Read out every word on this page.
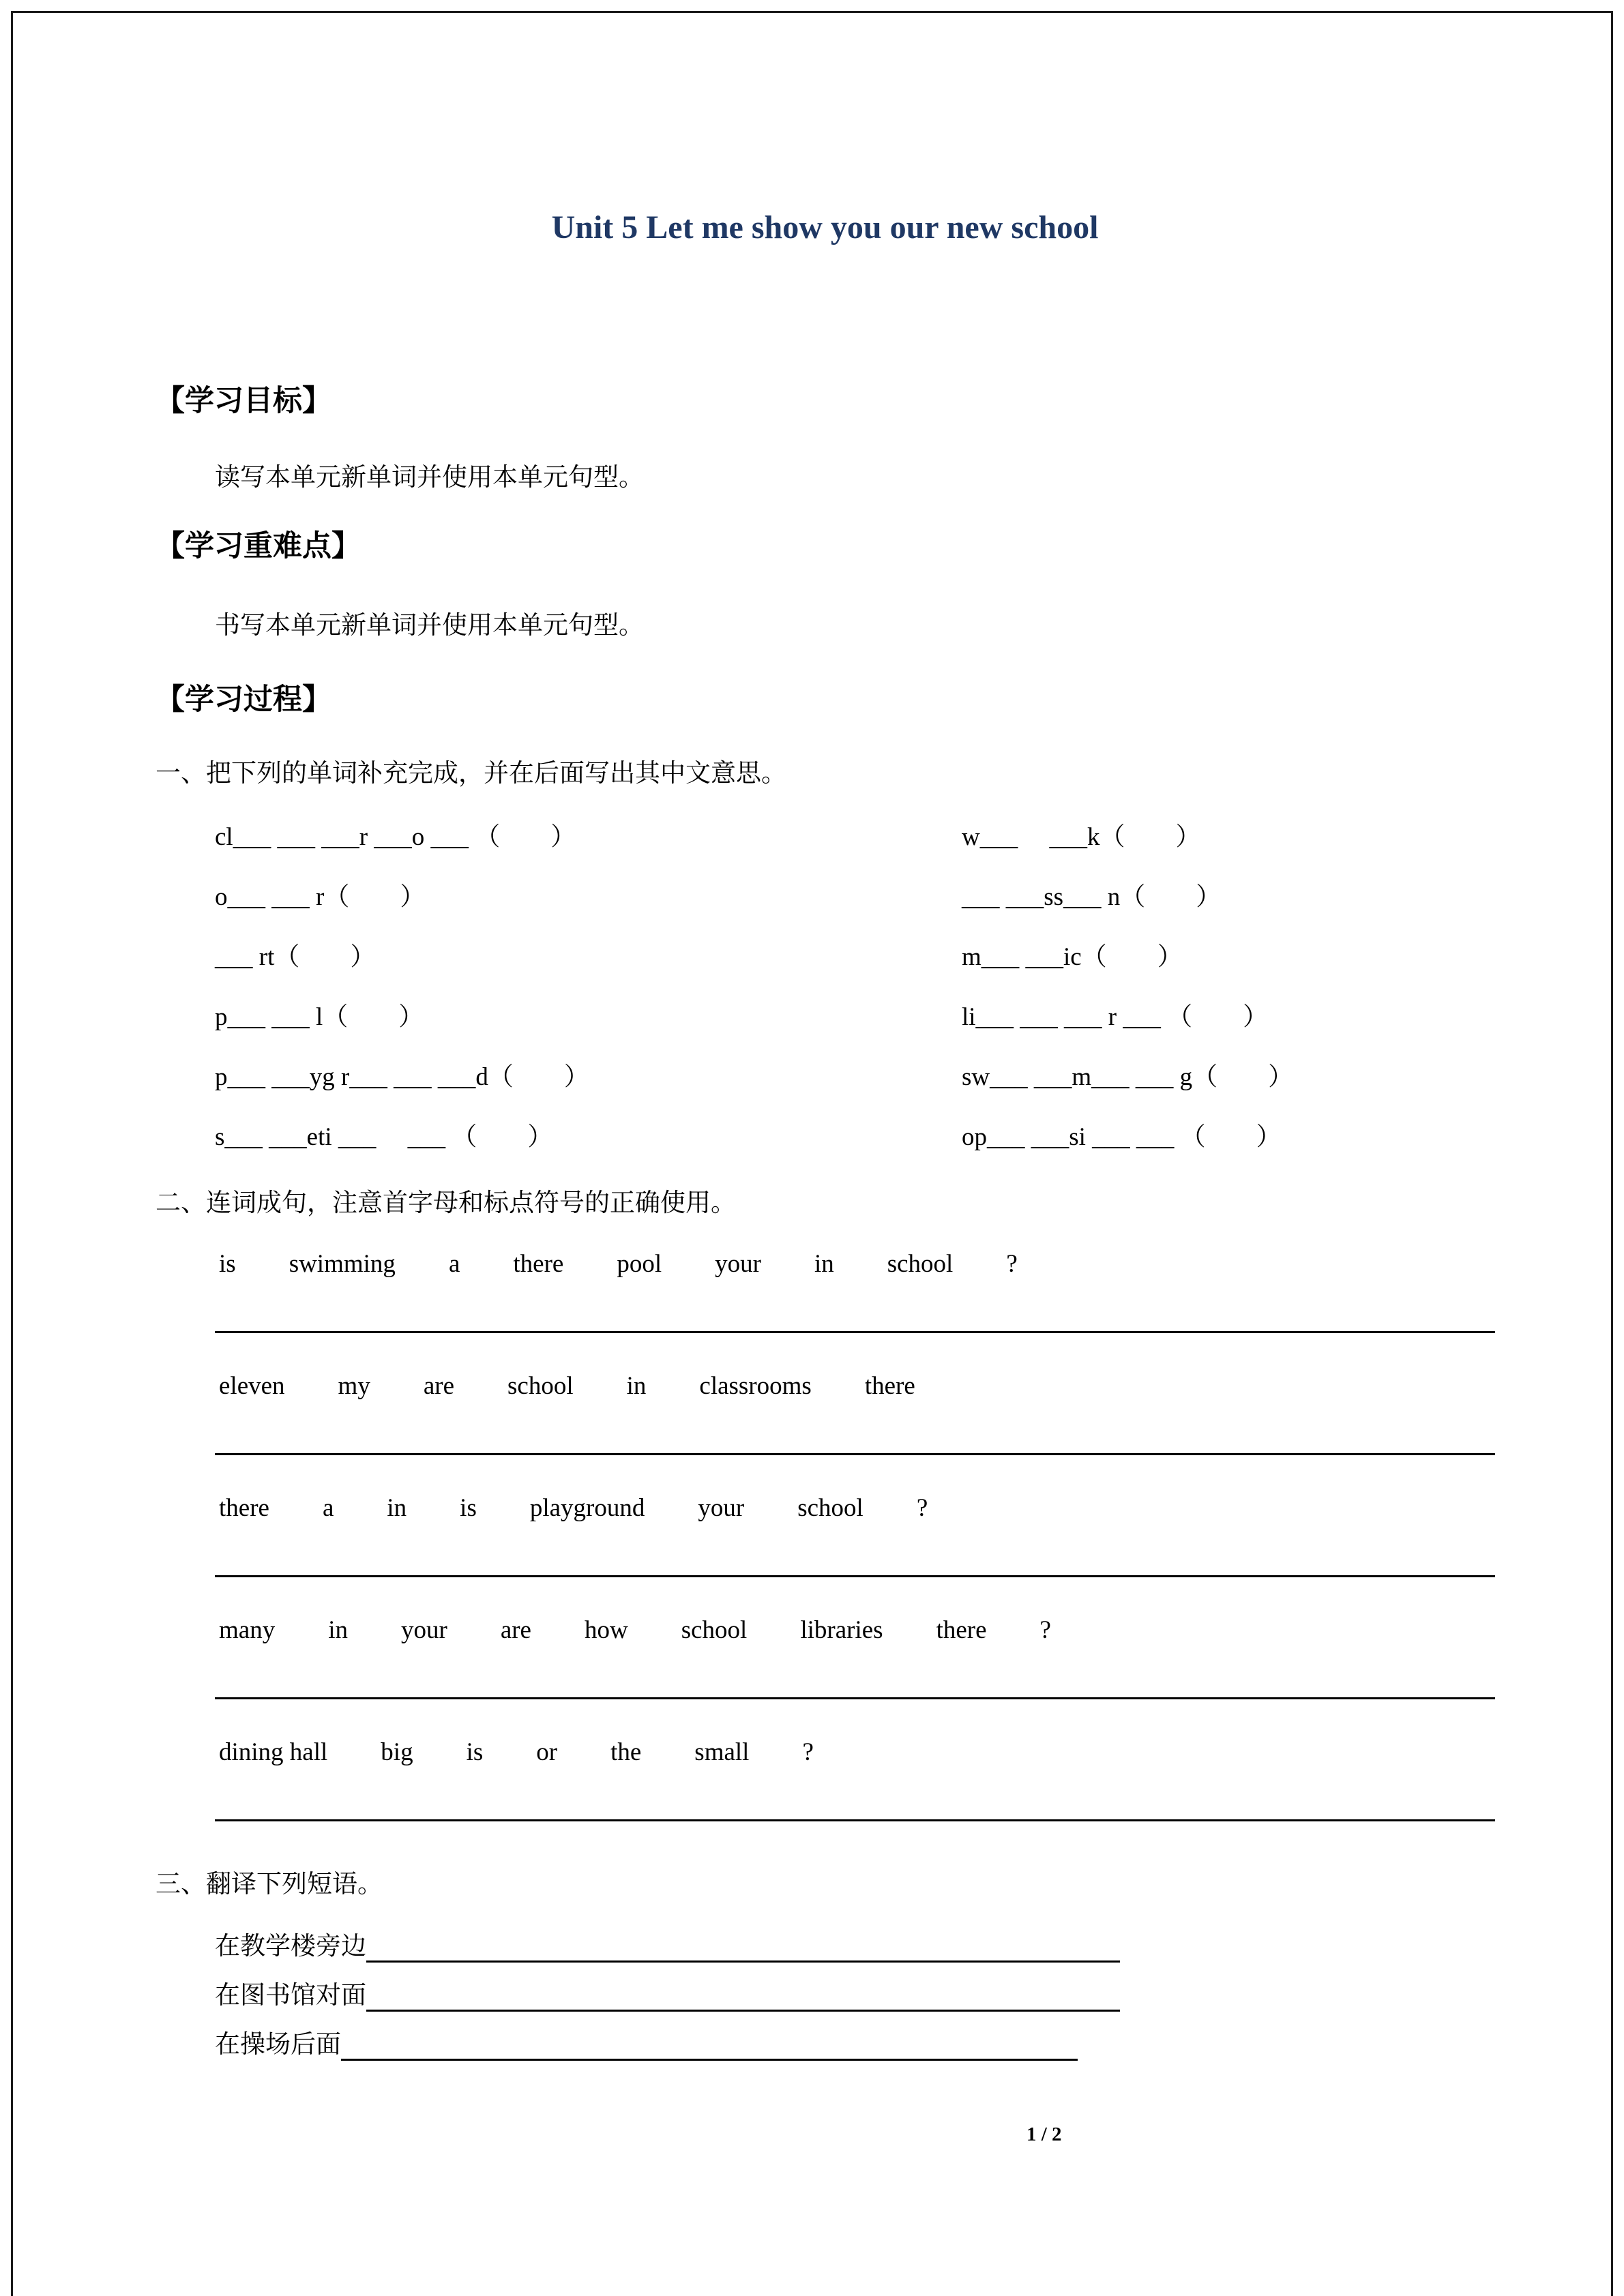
Unit 5 Let me show you our new school
【学习目标】

读写本单元新单词并使用本单元句型。

【学习重难点】

书写本单元新单词并使用本单元句型。

【学习过程】

一、把下列的单词补充完成，并在后面写出其中文意思。

cl___ ___ ___r ___o ___ （　　）	w___　 ___k（　　）
o___ ___ r（　　）	___ ___ss___ n（　　）
___ rt（　　）	m___ ___ic（　　）
p___ ___ l（　　）	li___ ___ ___ r ___ （　　）
p___ ___yg r___ ___ ___d（　　）	sw___ ___m___ ___ g（　　）
s___ ___eti ___ 　___ （　　）	op___ ___si ___ ___ （　　）

二、连词成句，注意首字母和标点符号的正确使用。

is swimming a there pool your in school ?
eleven my are school in classrooms there
there a in is playground your school ?
many in your are how school libraries there ?
dining hall big is or the small ?

三、翻译下列短语。

在教学楼旁边
在图书馆对面
在操场后面
1 / 2
